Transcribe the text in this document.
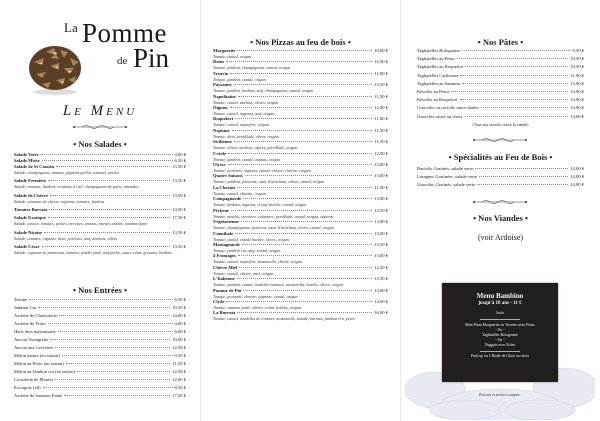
La Pomme
de Pin
Le Menu
• Nos Salades •
Salade Verte	4,00 €
Salade Mixte	6,50 €
Salade de St Cassien	13,50 €
Salade, champignons, ananas, pignons grillés, tomates, poulet
Salade Fermière	13,50 €
Salade, tomates, lardons, croûtons à l'ail, champignons de paris, amandes
Salade de Chèvre	13,50 €
Salade, croutons de chèvre, oignons, tomates, lardons
Tomates Burrata	14,50 €
Salade Exotique	17,50 €
Salade, avocat, tomates, petites crevettes, ananas, miettes crabes, saumon fumé
Salade Niçoise	13,50 €
Salade, tomates, oignons, thon, poivrons, œuf, anchois, olives
Salade César	13,50 €
Salade, copeaux de parmesan, tomates, poulet pané, œuf poché, sauce césar, gressins, lardons
• Nos Entrées •
Terrine	6,50 €
Jambon Cru	10,50 €
Assiette de Charcuterie	14,00 €
Assiette de Frites	4,00 €
Œufs durs mayonnaise	6,00 €
Avocat Vinaigrette	10,00 €
Avocat aux Crevettes	12,50 €
Melon nature (en saison)	9,50 €
Melon au Porto (en saison)	11,50 €
Melon au Jambon cru (en saison)	12,50 €
Cassolette de Moules	12,00 €
Escargots (x6)	8,50 €
Assiette de Saumon Fumé	17,50 €
• Nos Pizzas au feu de bois •
Marguerite	10,00 €
Tomate, cantal, origan
Reine	12,00 €
Tomate, jambon, champignons, cantal, origan
Vesuvio	11,00 €
Tomate, jambon, cantal, origan
Paysanne	13,50 €
Tomate, jambon, lardons, œuf, champignons, cantal, origan
Napolitaine	11,50 €
Tomate, cantal, anchois, olives, origan
Oignon	12,00 €
Tomate, cantal, oignons, œuf, origan
Roquefort	11,00 €
Tomate, cantal, roquefort, origan
Neptune	11,50 €
Tomate, thon, persillade, olives, origan
Sicilienne	11,50 €
Tomate, olives, anchois, câpres, persillade, origan
Créole	12,00 €
Tomate, jambon, cantal, ananas, origan
Ulysse	13,00 €
Tomate, poivrons, oignons, cantal, chèvre, chorizo, origan
Quatre Saisons	13,00 €
Tomate, jambon, poivrons, cœur d'artichaut, olives, cantal, origan
La Chorizo	11,00 €
Tomate, cantal, chorizo, origan
Campagnarde	13,00 €
Tomate, lardons, oignons, crème fraîche, cantal, origan
Pêcheur	13,50 €
Tomate, moules, crevettes, calamars, persillade, cantal, origan, supions
Végétarienne	13,00 €
Tomate, champignons, poivrons, cœur d'artichaut, olives, cantal, origan
Cannibale	13,00 €
Tomate, cantal, viande hachée, olives, origan
Montagnarde	13,50 €
Tomate, jambon cru, œuf, cantal, origan
4 Fromages	13,00 €
Tomate, cantal, roquefort, mozzarella, chèvre, origan
Chèvre Miel	12,50 €
Tomate, cantal, chèvre, miel, origan
L'Italienne	13,50 €
Tomate, jambon, cantal, rondelles tomates, mozzarella, basilic, olives, origan
Pomme de Pin	13,00 €
Tomate, poivrons, chorizo, pignons, cantal, origan
Clyde	14,00 €
Tomate, saumon fumé, chèvre, crème fraîche, origan
La Burrata	16,00 €
Tomate, cantal, rondelles de tomates, mozzarella, salade, burrata, jambon cru, pesto
• Nos Pâtes •
Tagliatelles Bolognaise	9,50 €
Tagliatelles au Pesto	10,50 €
Tagliatelles au Roquefort	10,50 €
Tagliatelles Carbonara	11,00 €
Tagliatelles au Saumon	13,00 €
Raviolis au Pesto	14,00 €
Raviolis au Roquefort	14,00 €
Gnocchis ou raviolis sauce daube	14,00 €
Gnocchis sauce au choix	14,00 €
(Tous nos raviolis sont à la viande)
• Spécialités au Feu de Bois •
Raviolis Gratinés, salade verte	14,00 €
Lasagnes Gratinées, salade verte	14,00 €
Gnocchis Gratinés, salade verte	14,00 €
• Nos Viandes •
(voir Ardoise)
Menu Bambino
jusqu'à 10 ans - 11 €
Soda
Mini Pizza Marguerite ou Vesuvio avec Frites
- Ou -
Tagliatelles Bolognaise
- Ou -
Nuggets avec Frites
Push up ou 1 Boule de Glace au choix
Prix net et service compris.
